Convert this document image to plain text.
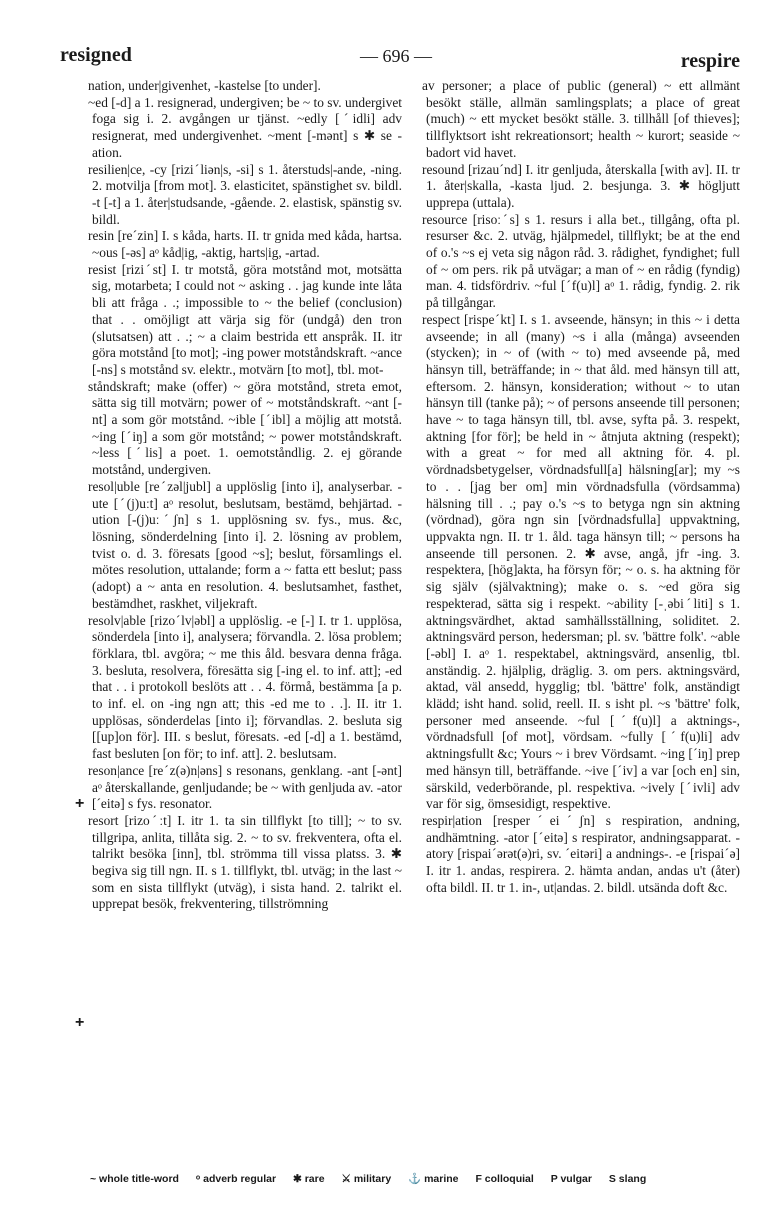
resigned	— 696 —	respire
+
+

nation, under|givenhet, -kastelse [to under].

~ed [-d] a 1. resignerad, undergiven; be ~ to sv. undergivet foga sig i. 2. avgången ur tjänst. ~edly [ˊidli] adv resignerat, med undergivenhet. ~ment [-mənt] s ✱ se -ation.

resilien|ce, -cy [riziˊliən|s, -si] s 1. återstuds|-ande, -ning. 2. motvilja [from mot]. 3. elasticitet, spänstighet sv. bildl. -t [-t] a 1. åter|studsande, -gående. 2. elastisk, spänstig sv. bildl.

resin [reˊzin] I. s kåda, harts. II. tr gnida med kåda, hartsa. ~ous [-əs] aᵒ kåd|ig, -aktig, harts|ig, -artad.

resist [riziˊst] I. tr motstå, göra motstånd mot, motsätta sig, motarbeta; I could not ~ asking . . jag kunde inte låta bli att fråga . .; impossible to ~ the belief (conclusion) that . . omöjligt att värja sig för (undgå) den tron (slutsatsen) att . .; ~ a claim bestrida ett anspråk. II. itr göra motstånd [to mot]; -ing power motståndskraft. ~ance [-ns] s motstånd sv. elektr., motvärn [to mot], tbl. mot-

ståndskraft; make (offer) ~ göra motstånd, streta emot, sätta sig till motvärn; power of ~ motståndskraft. ~ant [-nt] a som gör motstånd. ~ible [ˊibl] a möjlig att motstå. ~ing [ˊiŋ] a som gör motstånd; ~ power motståndskraft. ~less [ˊlis] a poet. 1. oemotståndlig. 2. ej görande motstånd, undergiven.

resol|uble [reˊzəl|jubl] a upplöslig [into i], analyserbar. -ute [ˊ(j)uːt] aᵒ resolut, beslutsam, bestämd, behjärtad. -ution [-(j)uːˊʃn] s 1. upplösning sv. fys., mus. &c, lösning, sönderdelning [into i]. 2. lösning av problem, tvist o. d. 3. föresats [good ~s]; beslut, församlings el. mötes resolution, uttalande; form a ~ fatta ett beslut; pass (adopt) a ~ anta en resolution. 4. beslutsamhet, fasthet, bestämdhet, raskhet, viljekraft.

resolv|able [rizoˊlv|əbl] a upplöslig. -e [-] I. tr 1. upplösa, sönderdela [into i], analysera; förvandla. 2. lösa problem; förklara, tbl. avgöra; ~ me this åld. besvara denna fråga. 3. besluta, resolvera, föresätta sig [-ing el. to inf. att]; -ed that . . i protokoll beslöts att . . 4. förmå, bestämma [a p. to inf. el. on -ing ngn att; this -ed me to . .]. II. itr 1. upplösas, sönderdelas [into i]; förvandlas. 2. besluta sig [[up]on för]. III. s beslut, föresats. -ed [-d] a 1. bestämd, fast besluten [on för; to inf. att]. 2. beslutsam.

reson|ance [reˊz(ə)n|əns] s resonans, genklang. -ant [-ənt] aᵒ återskallande, genljudande; be ~ with genljuda av. -ator [ˊeitə] s fys. resonator.

resort [rizoˊːt] I. itr 1. ta sin tillflykt [to till]; ~ to sv. tillgripa, anlita, tillåta sig. 2. ~ to sv. frekventera, ofta el. talrikt besöka [inn], tbl. strömma till vissa platss. 3. ✱ begiva sig till ngn. II. s 1. tillflykt, tbl. utväg; in the last ~ som en sista tillflykt (utväg), i sista hand. 2. talrikt el. upprepat besök, frekventering, tillströmning

av personer; a place of public (general) ~ ett allmänt besökt ställe, allmän samlingsplats; a place of great (much) ~ ett mycket besökt ställe. 3. tillhåll [of thieves]; tillflyktsort isht rekreationsort; health ~ kurort; seaside ~ badort vid havet.

resound [rizauˊnd] I. itr genljuda, återskalla [with av]. II. tr 1. åter|skalla, -kasta ljud. 2. besjunga. 3. ✱ högljutt upprepa (uttala).

resource [risoːˊs] s 1. resurs i alla bet., tillgång, ofta pl. resurser &c. 2. utväg, hjälpmedel, tillflykt; be at the end of o.'s ~s ej veta sig någon råd. 3. rådighet, fyndighet; full of ~ om pers. rik på utvägar; a man of ~ en rådig (fyndig) man. 4. tidsfördriv. ~ful [ˊf(u)l] aᵒ 1. rådig, fyndig. 2. rik på tillgångar.

respect [rispeˊkt] I. s 1. avseende, hänsyn; in this ~ i detta avseende; in all (many) ~s i alla (många) avseenden (stycken); in ~ of (with ~ to) med avseende på, med hänsyn till, beträffande; in ~ that åld. med hänsyn till att, eftersom. 2. hänsyn, konsideration; without ~ to utan hänsyn till (tanke på); ~ of persons anseende till personen; have ~ to taga hänsyn till, tbl. avse, syfta på. 3. respekt, aktning [for för]; be held in ~ åtnjuta aktning (respekt); with a great ~ for med all aktning för. 4. pl. vördnadsbetygelser, vördnadsfull[a] hälsning[ar]; my ~s to . . [jag ber om] min vördnadsfulla (vördsamma) hälsning till . .; pay o.'s ~s to betyga ngn sin aktning (vördnad), göra ngn sin [vördnadsfulla] uppvaktning, uppvakta ngn. II. tr 1. åld. taga hänsyn till; ~ persons ha anseende till personen. 2. ✱ avse, angå, jfr -ing. 3. respektera, [hög]akta, ha försyn för; ~ o. s. ha aktning för sig själv (självaktning); make o. s. ~ed göra sig respekterad, sätta sig i respekt. ~ability [-ˌəbiˊliti] s 1. aktningsvärdhet, aktad samhällsställning, soliditet. 2. aktningsvärd person, hedersman; pl. sv. 'bättre folk'. ~able [-əbl] I. aᵒ 1. respektabel, aktningsvärd, ansenlig, tbl. anständig. 2. hjälplig, dräglig. 3. om pers. aktningsvärd, aktad, väl ansedd, hygglig; tbl. 'bättre' folk, anständigt klädd; isht hand. solid, reell. II. s isht pl. ~s 'bättre' folk, personer med anseende. ~ful [ˊf(u)l] a aktnings-, vördnadsfull [of mot], vördsam. ~fully [ˊf(u)li] adv aktningsfullt &c; Yours ~ i brev Vördsamt. ~ing [ˊiŋ] prep med hänsyn till, beträffande. ~ive [ˊiv] a var [och en] sin, särskild, vederbörande, pl. respektiva. ~ively [ˊivli] adv var för sig, ömsesidigt, respektive.

respir|ation [resperˊeiˊʃn] s respiration, andning, andhämtning. -ator [ˊeitə] s respirator, andningsapparat. -atory [rispaiˊərət(ə)ri, sv. ˊeitəri] a andnings-. -e [rispaiˊə] I. itr 1. andas, respirera. 2. hämta andan, andas u't (åter) ofta bildl. II. tr 1. in-, ut|andas. 2. bildl. utsända doft &c.

~ whole title-word ᵒ adverb regular ✱ rare ⚔ military ⚓ marine F colloquial P vulgar S slang
